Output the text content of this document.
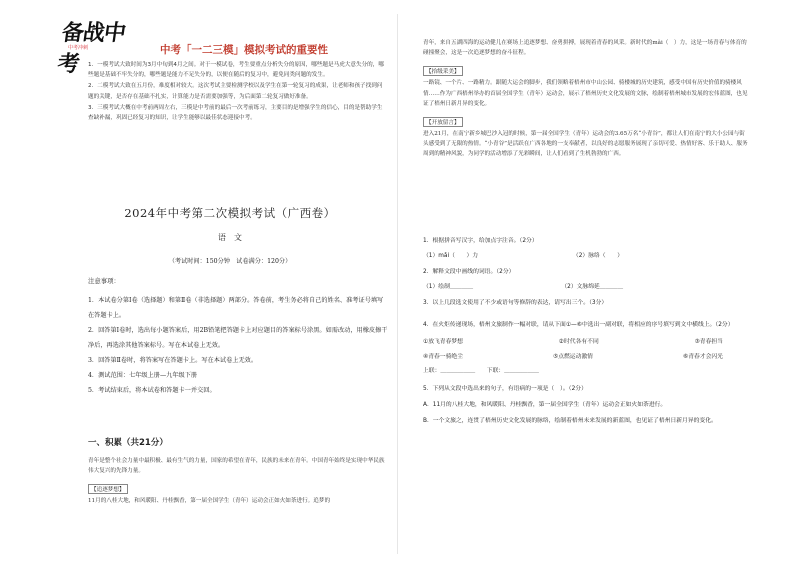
备战中考
中考冲刺	中考「一二三模」模拟考试的重要性

1．一模考试大致时间为3月中旬到4月之间。对于一模试卷，考生要重点分析失分的原因，哪些题是马虎大意失分的，哪些题是基础不牢失分的，哪些题是能力不足失分的，以便在随后的复习中，避免同类问题的发生。

2．二模考试大致在五月份，难度相对较大。这次考试主要检测学校以及学生在第一轮复习的成果，让老师和孩子找到问题的关键，是否存在基础不扎实，计算能力是否需要加强等，为后面第二轮复习做好准备。

3．三模考试大概在中考前两周左右，三模是中考前的最后一次考前练习，主要目的是增强学生的信心，目的是帮助学生查缺补漏，巩固已经复习的知识，让学生能够以最佳状态迎接中考。

2024年中考第二次模拟考试（广西卷）
语　文
（考试时间：150分钟　试卷满分：120分）
注意事项：
1．本试卷分第Ⅰ卷（选择题）和第Ⅱ卷（非选择题）两部分。答卷前，考生务必将自己的姓名、准考证号填写在答题卡上。
2．回答第Ⅰ卷时，选出每小题答案后，用2B铅笔把答题卡上对应题目的答案标号涂黑。如需改动，用橡皮擦干净后，再选涂其他答案标号。写在本试卷上无效。
3．回答第Ⅱ卷时，将答案写在答题卡上。写在本试卷上无效。
4．测试范围：七年级上册—九年级下册
5．考试结束后，将本试卷和答题卡一并交回。
一、积累（共21分）

青年是整个社会力量中最积极、最有生气的力量，国家的希望在青年，民族的未来在青年。中国青年始终是实现中华民族伟大复兴的先锋力量。

【追逐梦想】

11月的八桂大地，和风暖阳、丹桂飘香，第一届全国学生（青年）运动会正如火如荼进行。追梦的

青年，来自五湖四海的运动健儿在赛场上追逐梦想、奋勇拼搏，展现着青春的风采。新时代的mǎi（　）力，这是一场青春与体育的碰撞聚会，这是一次追逐梦想的奋斗征程。

【拾级采美】

一路镜、一个片、一路精力。跟随大运会的脚步，我们领略着梧州市中山公园、骑楼城的历史建筑，感受中国有历史价值的骑楼风情……作为广西梧州举办的首届全国学生（青年）运动会，展示了梧州历史文化发展的文脉，绘制着梧州城市发展的宏伟蓝图，也见证了梧州日新月异的变化。

【开放留言】

进入21月，在南宁新乡城巴沙入冠的时候，第一届全国学生（青年）运动会的3.65万名“小青谷”，都让人们在南宁的大小公园与街头感受到了无限的热情。“小青谷”是活跃在广西各地的一支奉献者，以良好的志愿服务展现了亲切可爱、热情好客、乐于助人、服务周到的精神风貌，为同学的活动增添了光彩瞬间，让人们看到了生机勃勃的广西。

1．根据拼音写汉字，给加点字注音。（2分）
（1）mǎi（　　）力	（2）脉络（　　）
2．解释文段中画线的词语。（2分）
（1）绘制＿＿＿＿	（2）文脉绵延＿＿＿＿
3．以上几段选文使用了不少或语句等修辞的表达，请写出三个。（3分）
4．在火炬传递现场，梧州文旅制作一幅对联，请从下面①—⑥中选出一副对联，将相应的序号填写到文中横线上。（2分）
①放飞青春梦想	②时代各有不同	③青春担当
④青春一骑绝尘	⑤点燃运动激情	⑥青春才会闪光
上联：＿＿＿＿＿＿　　下联：＿＿＿＿＿＿
5．下列从文段中选出来的句子，有语病的一项是（　）。（2分）
A．11月的八桂大地，和风暖阳、丹桂飘香，第一届全国学生（青年）运动会正如火如荼进行。
B．一个文旅之，连贯了梧州历史文化发展的脉络，绘制着梧州未来发展的新蓝图，也见证了梧州日新月异的变化。
